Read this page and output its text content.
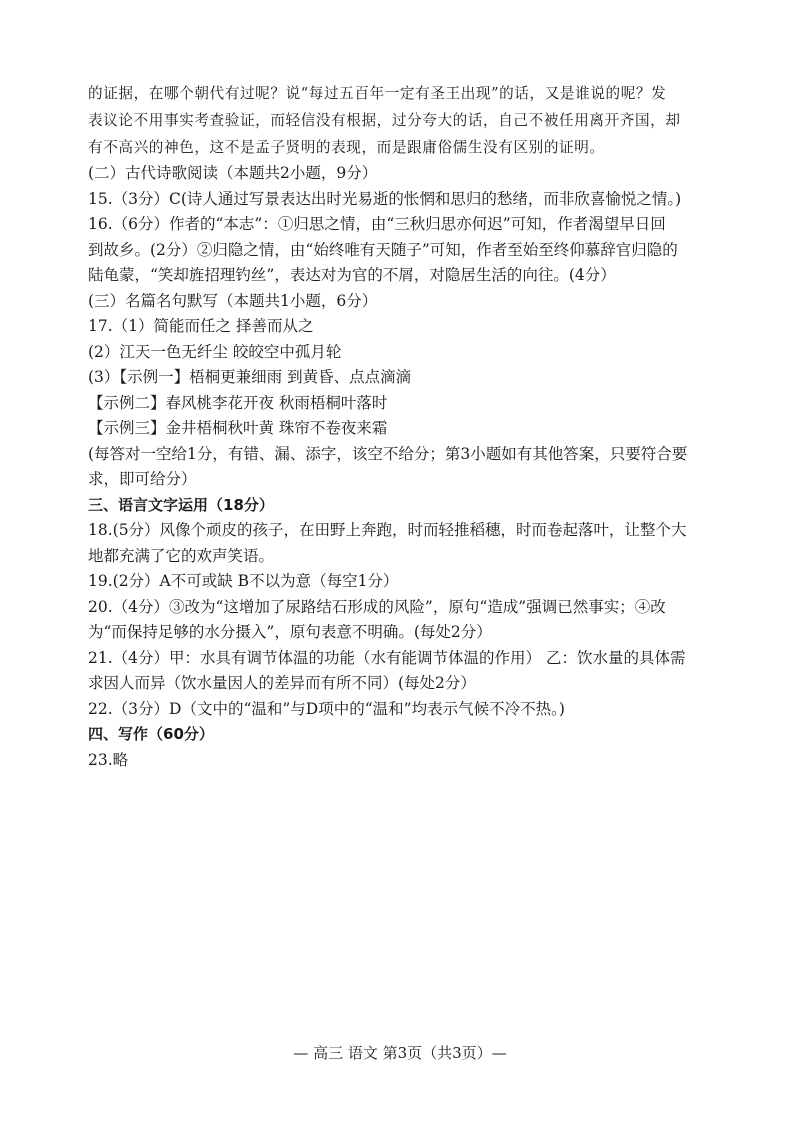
的证据，在哪个朝代有过呢？说“每过五百年一定有圣王出现”的话，又是谁说的呢？发
表议论不用事实考查验证，而轻信没有根据，过分夸大的话，自己不被任用离开齐国，却
有不高兴的神色，这不是孟子贤明的表现，而是跟庸俗儒生没有区别的证明。
(二）古代诗歌阅读（本题共2小题，9分）
15.（3分）C(诗人通过写景表达出时光易逝的怅惘和思归的愁绪，而非欣喜愉悦之情。)
16.（6分）作者的“本志”：①归思之情，由“三秋归思亦何迟”可知，作者渴望早日回
到故乡。(2分）②归隐之情，由“始终唯有天随子”可知，作者至始至终仰慕辞官归隐的
陆龟蒙，“笑却旌招理钓丝”，表达对为官的不屑，对隐居生活的向往。(4分）
(三）名篇名句默写（本题共1小题，6分）
17.（1）简能而任之 择善而从之
(2）江天一色无纤尘 皎皎空中孤月轮
(3）【示例一】梧桐更兼细雨 到黄昏、点点滴滴
【示例二】春风桃李花开夜 秋雨梧桐叶落时
【示例三】金井梧桐秋叶黄 珠帘不卷夜来霜
(每答对一空给1分，有错、漏、添字，该空不给分；第3小题如有其他答案，只要符合要
求，即可给分）
三、语言文字运用（18分）
18.(5分）风像个顽皮的孩子，在田野上奔跑，时而轻推稻穗，时而卷起落叶，让整个大
地都充满了它的欢声笑语。
19.(2分）A不可或缺 B不以为意（每空1分）
20.（4分）③改为“这增加了尿路结石形成的风险”，原句“造成”强调已然事实；④改
为“而保持足够的水分摄入”，原句表意不明确。(每处2分）
21.（4分）甲：水具有调节体温的功能（水有能调节体温的作用） 乙：饮水量的具体需
求因人而异（饮水量因人的差异而有所不同）(每处2分）
22.（3分）D（文中的“温和”与D项中的“温和”均表示气候不冷不热。)
四、写作（60分）
23.略
— 高三 语文 第3页（共3页）—
